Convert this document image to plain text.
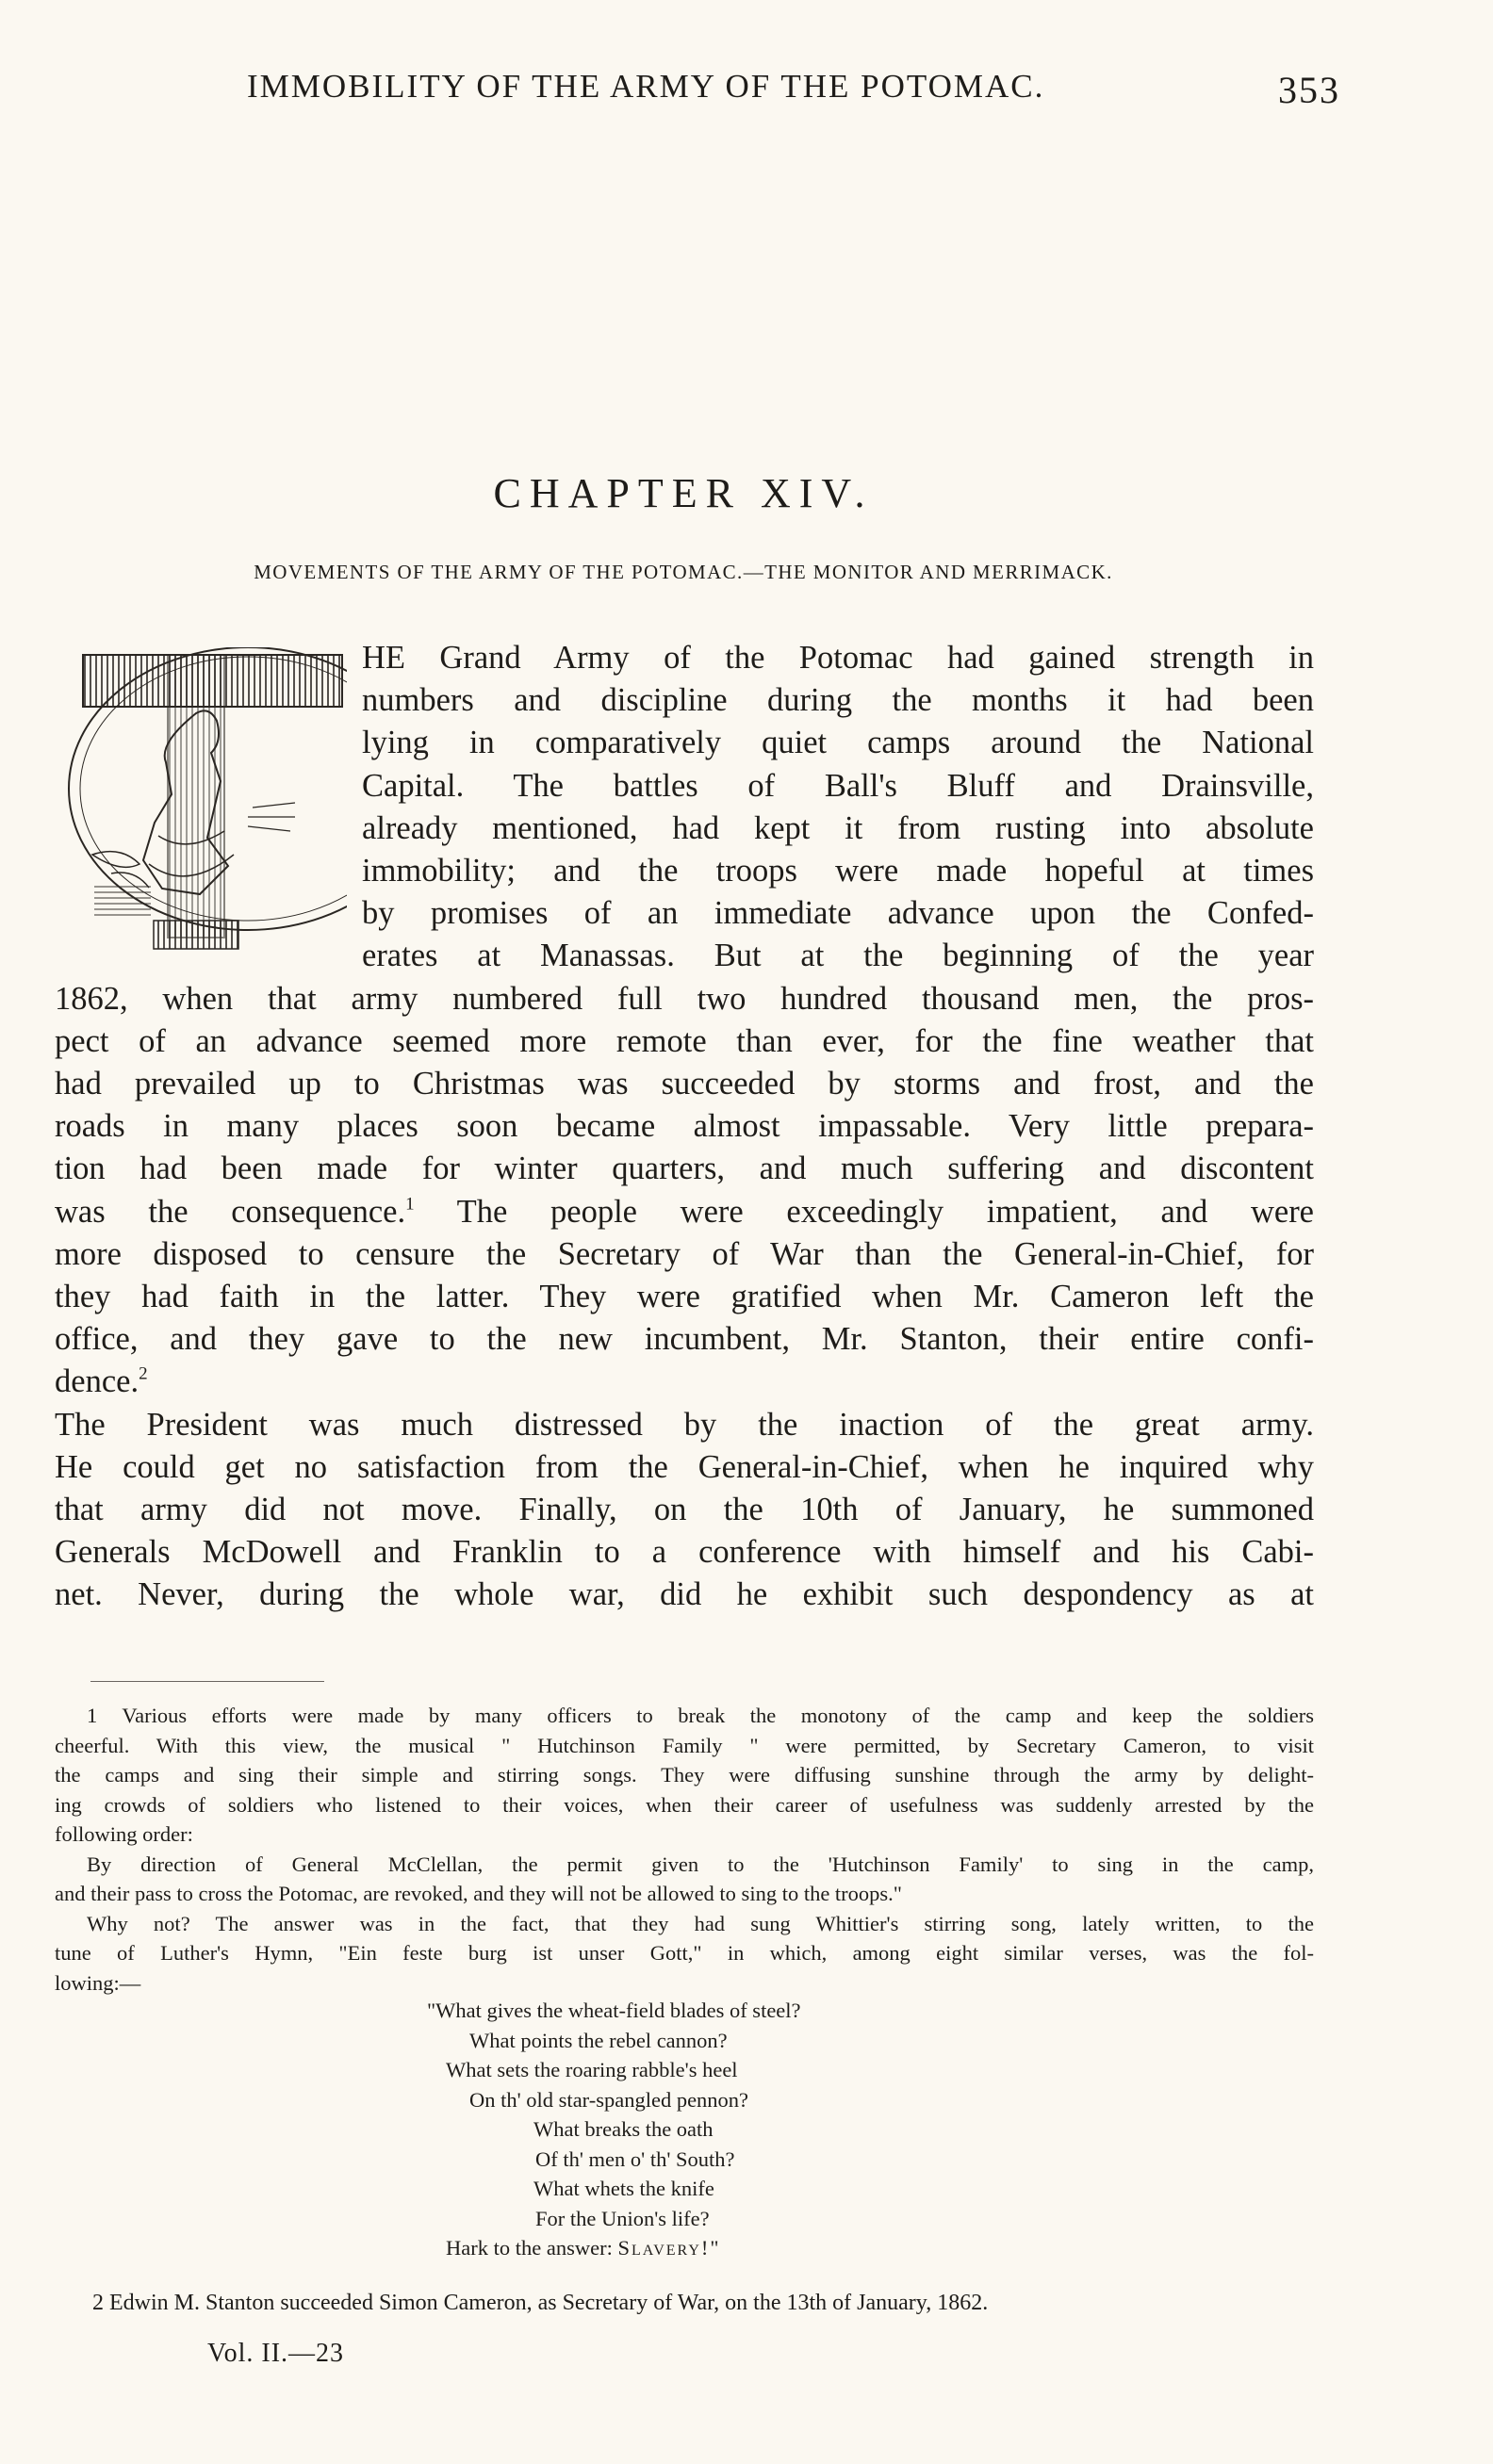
IMMOBILITY OF THE ARMY OF THE POTOMAC.	353
CHAPTER XIV.
MOVEMENTS OF THE ARMY OF THE POTOMAC.—THE MONITOR AND MERRIMACK.
HE Grand Army of the Potomac had gained strength in
numbers and discipline during the months it had been
lying in comparatively quiet camps around the National
Capital. The battles of Ball's Bluff and Drainsville,
already mentioned, had kept it from rusting into absolute
immobility; and the troops were made hopeful at times
by promises of an immediate advance upon the Confed-
erates at Manassas. But at the beginning of the year
1862, when that army numbered full two hundred thousand men, the pros-
pect of an advance seemed more remote than ever, for the fine weather that
had prevailed up to Christmas was succeeded by storms and frost, and the
roads in many places soon became almost impassable. Very little prepara-
tion had been made for winter quarters, and much suffering and discontent
was the consequence.$^1$ The people were exceedingly impatient, and were
more disposed to censure the Secretary of War than the General-in-Chief, for
they had faith in the latter. They were gratified when Mr. Cameron left the
office, and they gave to the new incumbent, Mr. Stanton, their entire confi-
dence.$^2$
The President was much distressed by the inaction of the great army.
He could get no satisfaction from the General-in-Chief, when he inquired why
that army did not move. Finally, on the 10th of January, he summoned
Generals McDowell and Franklin to a conference with himself and his Cabi-
net. Never, during the whole war, did he exhibit such despondency as at
1 Various efforts were made by many officers to break the monotony of the camp and keep the soldiers
cheerful. With this view, the musical " Hutchinson Family " were permitted, by Secretary Cameron, to visit
the camps and sing their simple and stirring songs. They were diffusing sunshine through the army by delight-
ing crowds of soldiers who listened to their voices, when their career of usefulness was suddenly arrested by the
following order:
By direction of General McClellan, the permit given to the 'Hutchinson Family' to sing in the camp,
and their pass to cross the Potomac, are revoked, and they will not be allowed to sing to the troops."
Why not? The answer was in the fact, that they had sung Whittier's stirring song, lately written, to the
tune of Luther's Hymn, "Ein feste burg ist unser Gott," in which, among eight similar verses, was the fol-
lowing:—
"What gives the wheat-field blades of steel?
What points the rebel cannon?
What sets the roaring rabble's heel
On th' old star-spangled pennon?
What breaks the oath
Of th' men o' th' South?
What whets the knife
For the Union's life?
Hark to the answer: Slavery!"
2 Edwin M. Stanton succeeded Simon Cameron, as Secretary of War, on the 13th of January, 1862.
Vol. II.—23
